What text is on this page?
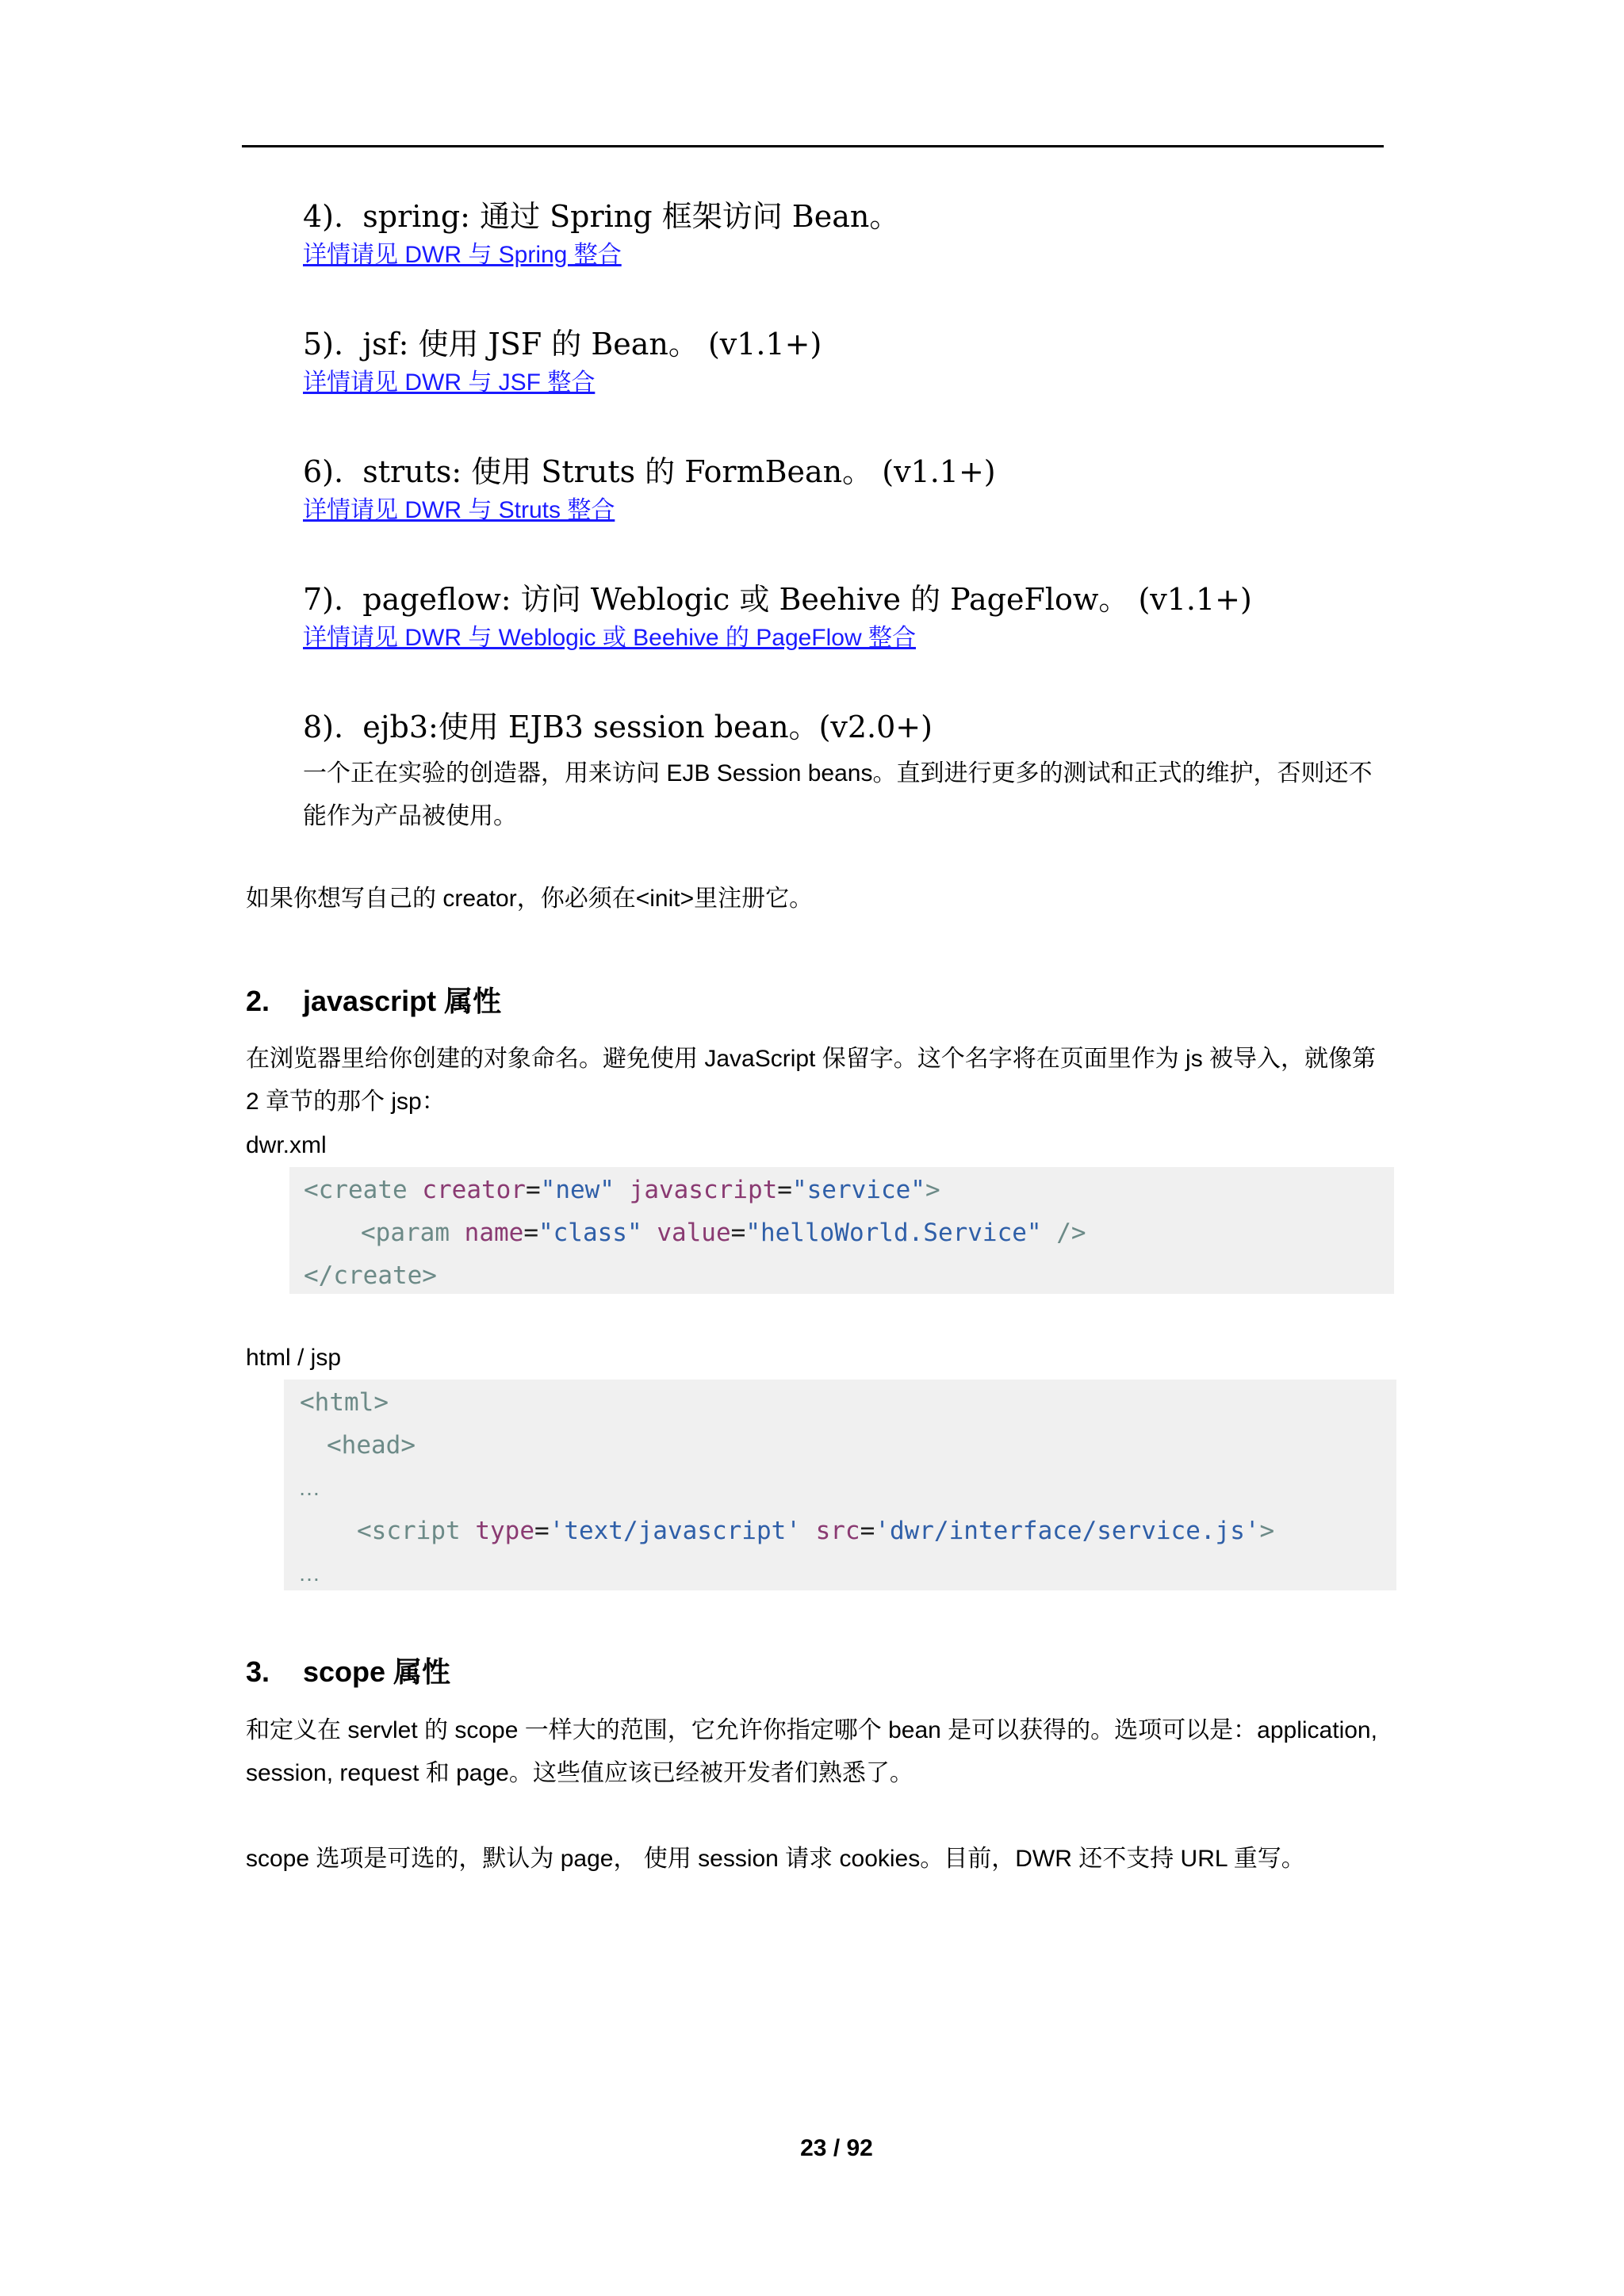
4).  spring: 通过 Spring 框架访问 Bean。
详情请见 DWR 与 Spring 整合
5).  jsf: 使用 JSF 的 Bean。 (v1.1+)
详情请见 DWR 与 JSF 整合
6).  struts: 使用 Struts 的 FormBean。 (v1.1+)
详情请见 DWR 与 Struts 整合
7).  pageflow: 访问 Weblogic 或 Beehive 的 PageFlow。 (v1.1+)
详情请见 DWR 与 Weblogic 或 Beehive 的 PageFlow 整合
8).  ejb3:使用 EJB3 session bean。(v2.0+)

一个正在实验的创造器，用来访问 EJB Session beans。直到进行更多的测试和正式的维护，否则还不能作为产品被使用。

如果你想写自己的 creator，你必须在<init>里注册它。

2. javascript 属性

在浏览器里给你创建的对象命名。避免使用 JavaScript 保留字。这个名字将在页面里作为 js 被导入，就像第 2 章节的那个 jsp：

dwr.xml

<create creator="new" javascript="service">
<param name="class" value="helloWorld.Service" />
</create>

html / jsp

<html>
<head>
…
<script type='text/javascript' src='dwr/interface/service.js'>
…
3. scope 属性

和定义在 servlet 的 scope 一样大的范围，它允许你指定哪个 bean 是可以获得的。选项可以是：application,

session, request 和 page。这些值应该已经被开发者们熟悉了。

scope 选项是可选的，默认为 page， 使用 session 请求 cookies。目前，DWR 还不支持 URL 重写。

23 / 92
